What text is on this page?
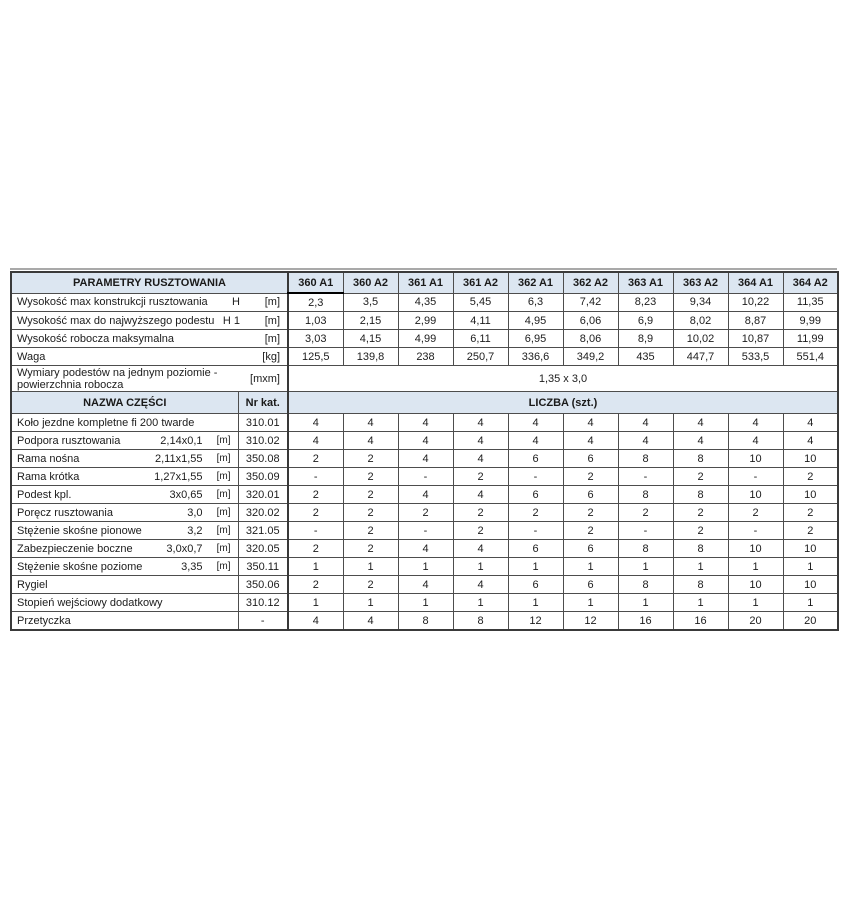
PARAMETRY RUSZTOWANIA		360 A1	360 A2	361 A1	361 A2	362 A1	362 A2	363 A1	363 A2	364 A1	364 A2

Wysokość max konstrukcji rusztowania H [m]		2,3	3,5	4,35	5,45	6,3	7,42	8,23	9,34	10,22	11,35

Wysokość max do najwyższego podestu H 1 [m]		1,03	2,15	2,99	4,11	4,95	6,06	6,9	8,02	8,87	9,99

Wysokość robocza maksymalna [m]		3,03	4,15	4,99	6,11	6,95	8,06	8,9	10,02	10,87	11,99

Waga [kg]		125,5	139,8	238	250,7	336,6	349,2	435	447,7	533,5	551,4

Wymiary podestów na jednym poziomie -powierzchnia robocza [mxm]		1,35 x 3,0									
NAZWA CZĘŚCI	Nr kat.	LICZBA (szt.)									

Koło jezdne kompletne fi 200 twarde	310.01	4	4	4	4	4	4	4	4	4	4

Podpora rusztowania 2,14x0,1 [m]	310.02	4	4	4	4	4	4	4	4	4	4

Rama nośna 2,11x1,55 [m]	350.08	2	2	4	4	6	6	8	8	10	10

Rama krótka 1,27x1,55 [m]	350.09	-	2	-	2	-	2	-	2	-	2

Podest kpl. 3x0,65 [m]	320.01	2	2	4	4	6	6	8	8	10	10

Poręcz rusztowania 3,0 [m]	320.02	2	2	2	2	2	2	2	2	2	2

Stężenie skośne pionowe 3,2 [m]	321.05	-	2	-	2	-	2	-	2	-	2

Zabezpieczenie boczne 3,0x0,7 [m]	320.05	2	2	4	4	6	6	8	8	10	10

Stężenie skośne poziome 3,35 [m]	350.11	1	1	1	1	1	1	1	1	1	1

Rygiel	350.06	2	2	4	4	6	6	8	8	10	10

Stopień wejściowy dodatkowy	310.12	1	1	1	1	1	1	1	1	1	1

Przetyczka	-	4	4	8	8	12	12	16	16	20	20
